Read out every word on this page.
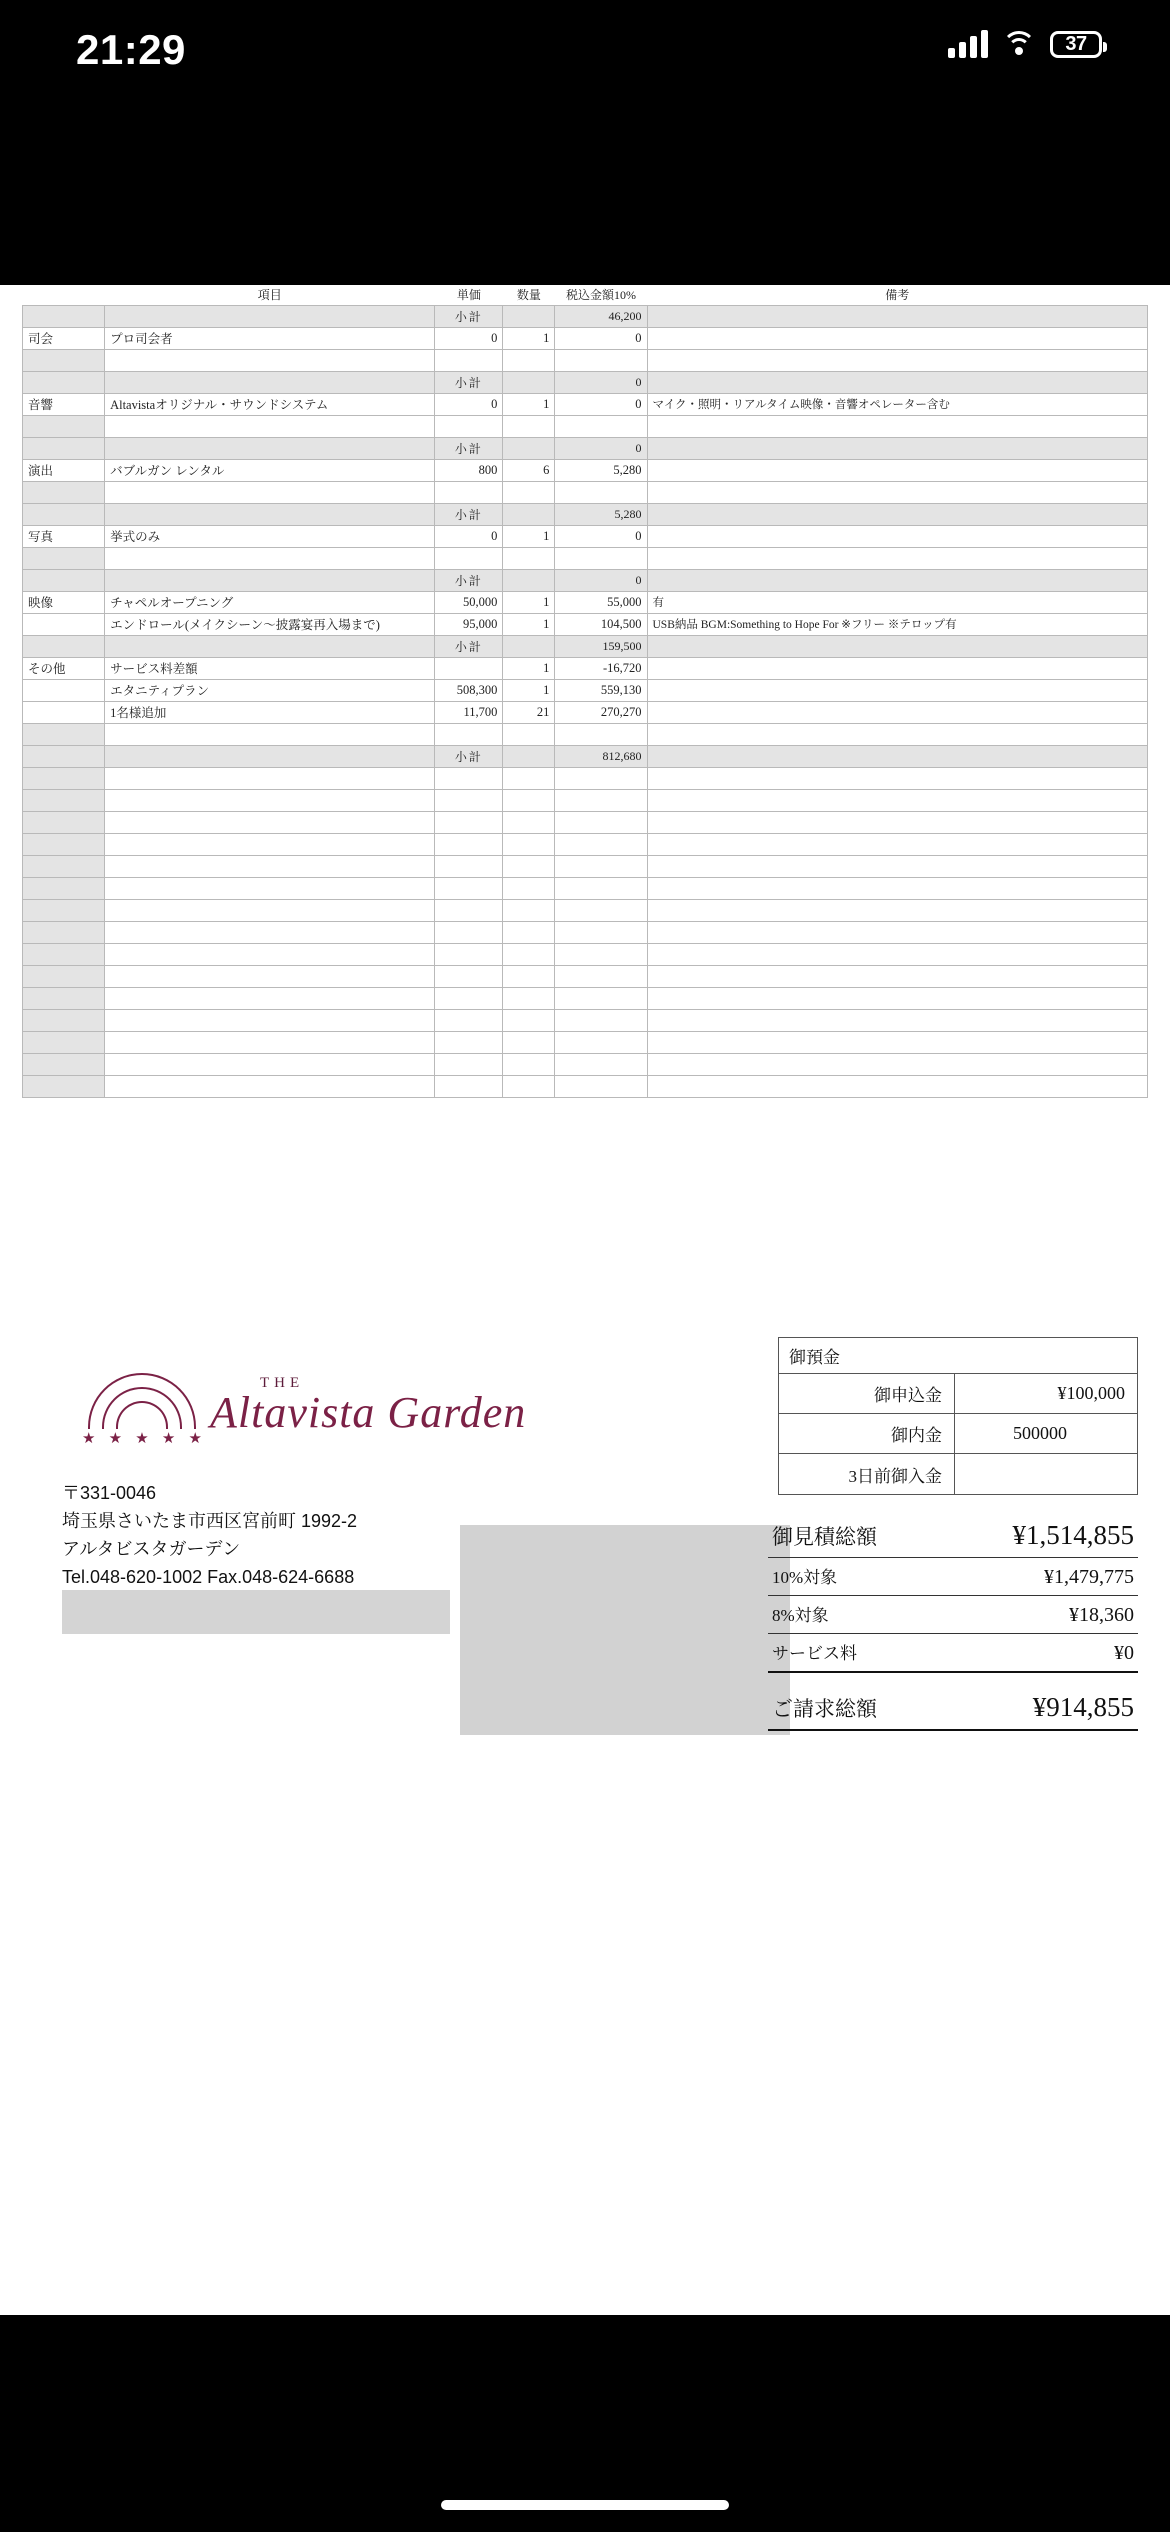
21:29	37
	項目	単価	数量	税込金額10%	備考
		小計		46,200	
司会	プロ司会者	0	1	0	

		小計		0	
音響	Altavistaオリジナル・サウンドシステム	0	1	0	マイク・照明・リアルタイム映像・音響オペレーター含む

		小計		0	
演出	バブルガン レンタル	800	6	5,280	

		小計		5,280	
写真	挙式のみ	0	1	0	

		小計		0	
映像	チャペルオープニング	50,000	1	55,000	有
	エンドロール(メイクシーン〜披露宴再入場まで)	95,000	1	104,500	USB納品 BGM:Something to Hope For ※フリー ※テロップ有
		小計		159,500	
その他	サービス料差額		1	-16,720	
	エタニティプラン	508,300	1	559,130	
	1名様追加	11,700	21	270,270	

		小計		812,680	

★ ★ ★ ★ ★
THE
Altavista Garden
〒331-0046
埼玉県さいたま市西区宮前町 1992-2
アルタビスタガーデン
Tel.048-620-1002 Fax.048-624-6688
御預金
御申込金	¥100,000
御内金	500000
3日前御入金
御見積総額	¥1,514,855
10%対象	¥1,479,775
8%対象	¥18,360
サービス料	¥0
ご請求総額	¥914,855
